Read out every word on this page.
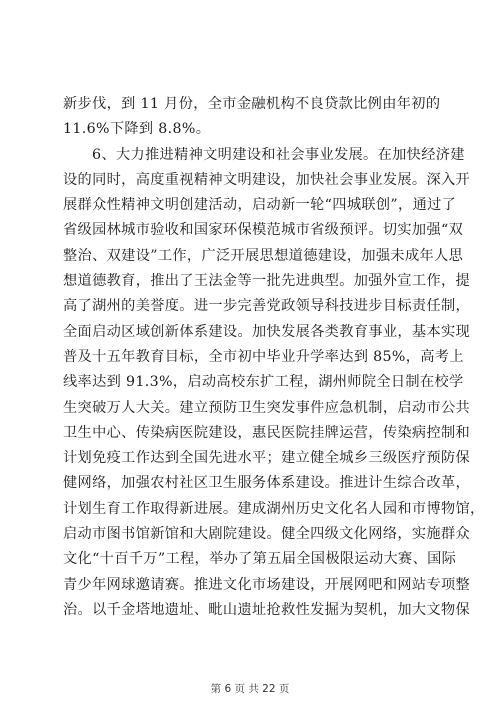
新步伐，到 11 月份，全市金融机构不良贷款比例由年初的
11.6%下降到 8.8%。
6、大力推进精神文明建设和社会事业发展。在加快经济建
设的同时，高度重视精神文明建设，加快社会事业发展。深入开
展群众性精神文明创建活动，启动新一轮“四城联创”，通过了
省级园林城市验收和国家环保模范城市省级预评。切实加强“双
整治、双建设”工作，广泛开展思想道德建设，加强未成年人思
想道德教育，推出了王法金等一批先进典型。加强外宣工作，提
高了湖州的美誉度。进一步完善党政领导科技进步目标责任制，
全面启动区域创新体系建设。加快发展各类教育事业，基本实现
普及十五年教育目标，全市初中毕业升学率达到 85%，高考上
线率达到 91.3%，启动高校东扩工程，湖州师院全日制在校学
生突破万人大关。建立预防卫生突发事件应急机制，启动市公共
卫生中心、传染病医院建设，惠民医院挂牌运营，传染病控制和
计划免疫工作达到全国先进水平；建立健全城乡三级医疗预防保
健网络，加强农村社区卫生服务体系建设。推进计生综合改革，
计划生育工作取得新进展。建成湖州历史文化名人园和市博物馆，
启动市图书馆新馆和大剧院建设。健全四级文化网络，实施群众
文化“十百千万”工程，举办了第五届全国极限运动大赛、国际
青少年网球邀请赛。推进文化市场建设，开展网吧和网站专项整
治。以千金塔地遗址、毗山遗址抢救性发掘为契机，加大文物保
第 6 页 共 22 页
